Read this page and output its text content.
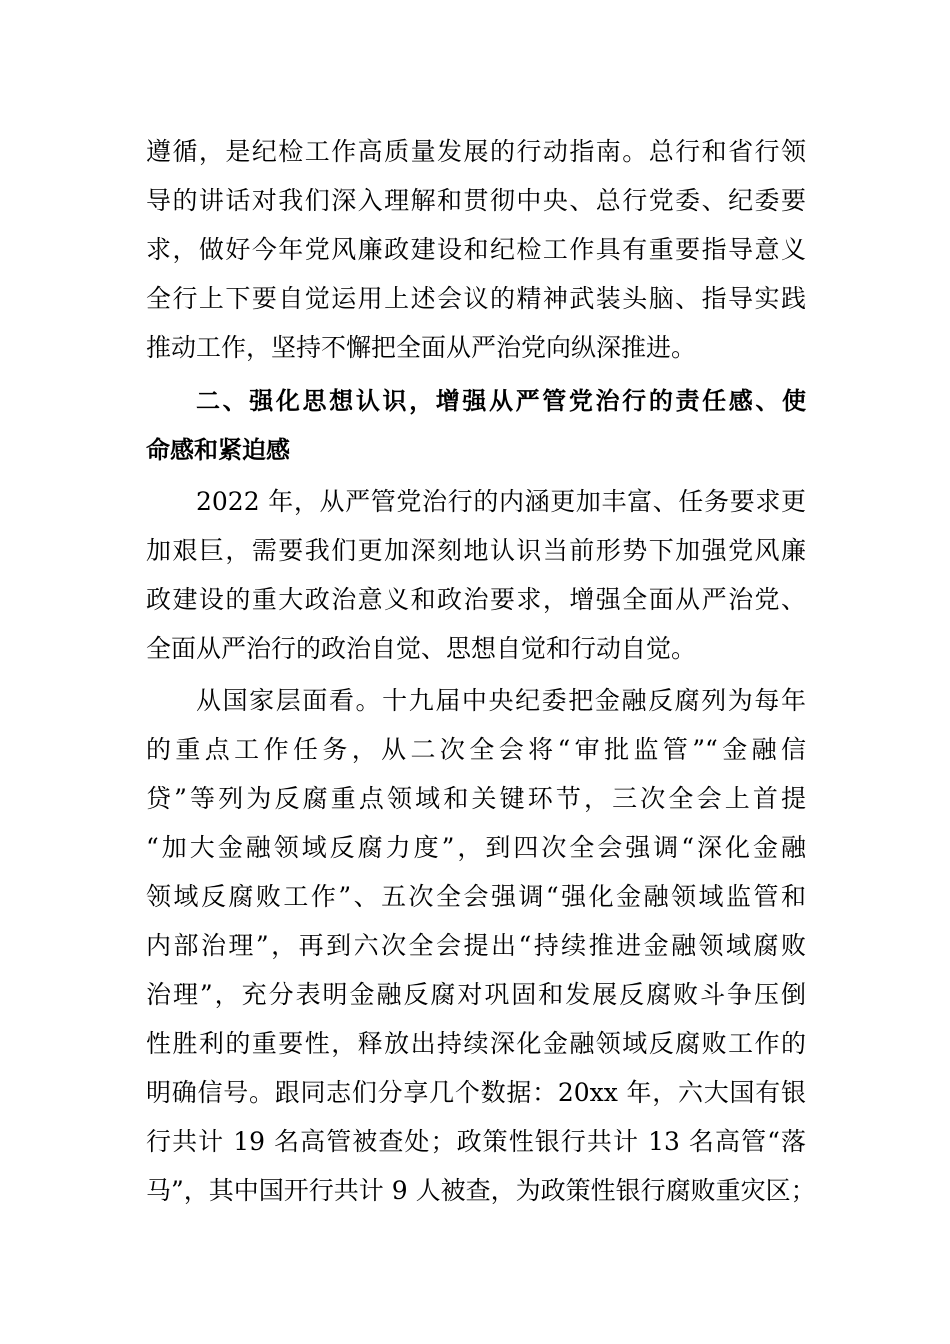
遵循，是纪检工作高质量发展的行动指南。总行和省行领
导的讲话对我们深入理解和贯彻中央、总行党委、纪委要
求，做好今年党风廉政建设和纪检工作具有重要指导意义
全行上下要自觉运用上述会议的精神武装头脑、指导实践
推动工作，坚持不懈把全面从严治党向纵深推进。
二、强化思想认识，增强从严管党治行的责任感、使
命感和紧迫感
2022 年，从严管党治行的内涵更加丰富、任务要求更
加艰巨，需要我们更加深刻地认识当前形势下加强党风廉
政建设的重大政治意义和政治要求，增强全面从严治党、
全面从严治行的政治自觉、思想自觉和行动自觉。
从国家层面看。十九届中央纪委把金融反腐列为每年
的重点工作任务，从二次全会将“审批监管”“金融信
贷”等列为反腐重点领域和关键环节，三次全会上首提
“加大金融领域反腐力度”，到四次全会强调“深化金融
领域反腐败工作”、五次全会强调“强化金融领域监管和
内部治理”，再到六次全会提出“持续推进金融领域腐败
治理”，充分表明金融反腐对巩固和发展反腐败斗争压倒
性胜利的重要性，释放出持续深化金融领域反腐败工作的
明确信号。跟同志们分享几个数据：20xx 年，六大国有银
行共计 19 名高管被查处；政策性银行共计 13 名高管“落
马”，其中国开行共计 9 人被查，为政策性银行腐败重灾区；
